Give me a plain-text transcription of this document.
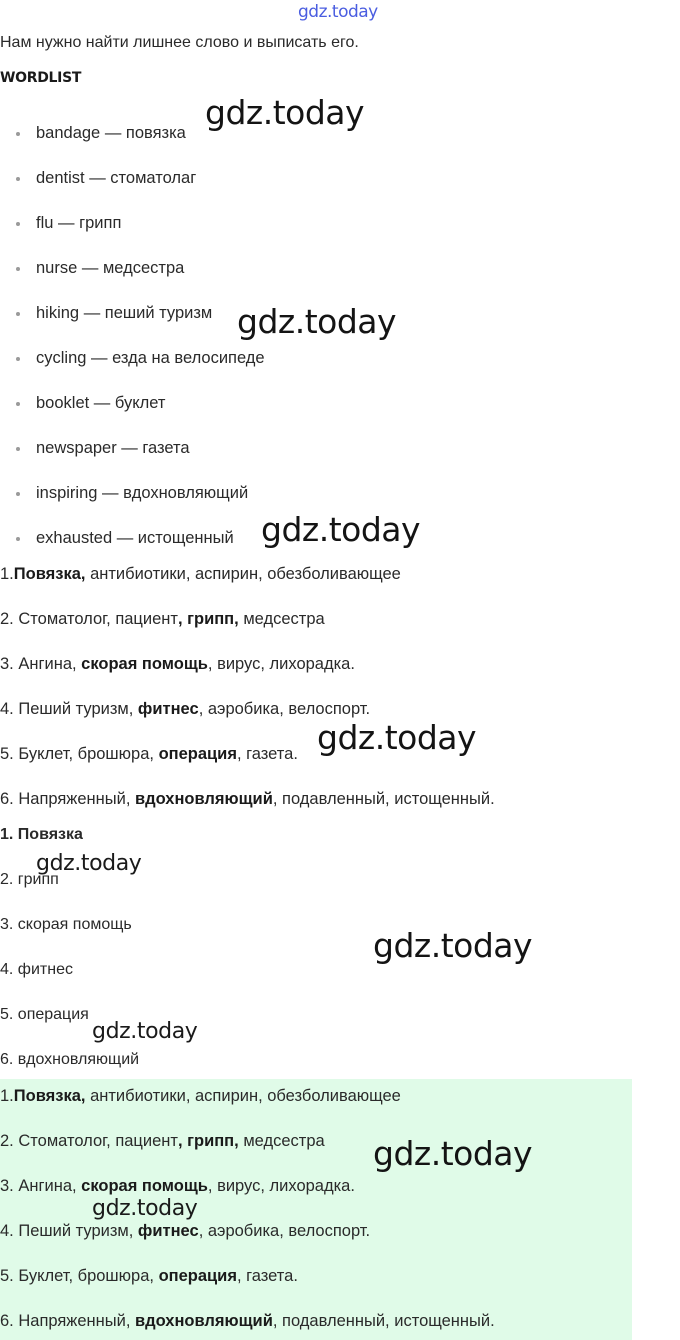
gdz.today
Нам нужно найти лишнее слово и выписать его.
WORDLIST
bandage — повязка
dentist — стоматолаг
flu — грипп
nurse — медсестра
hiking — пеший туризм
cycling — езда на велосипеде
booklet — буклет
newspaper — газета
inspiring — вдохновляющий
exhausted — истощенный
1.Повязка, антибиотики, аспирин, обезболивающее
2. Стоматолог, пациент, грипп, медсестра
3. Ангина, скорая помощь, вирус, лихорадка.
4. Пеший туризм, фитнес, аэробика, велоспорт.
5. Буклет, брошюра, операция, газета.
6. Напряженный, вдохновляющий, подавленный, истощенный.
1. Повязка
2. грипп
3. скорая помощь
4. фитнес
5. операция
6. вдохновляющий
1.Повязка, антибиотики, аспирин, обезболивающее
2. Стоматолог, пациент, грипп, медсестра
3. Ангина, скорая помощь, вирус, лихорадка.
4. Пеший туризм, фитнес, аэробика, велоспорт.
5. Буклет, брошюра, операция, газета.
6. Напряженный, вдохновляющий, подавленный, истощенный.
gdz.today
gdz.today
gdz.today
gdz.today
gdz.today
gdz.today
gdz.today
gdz.today
gdz.today
